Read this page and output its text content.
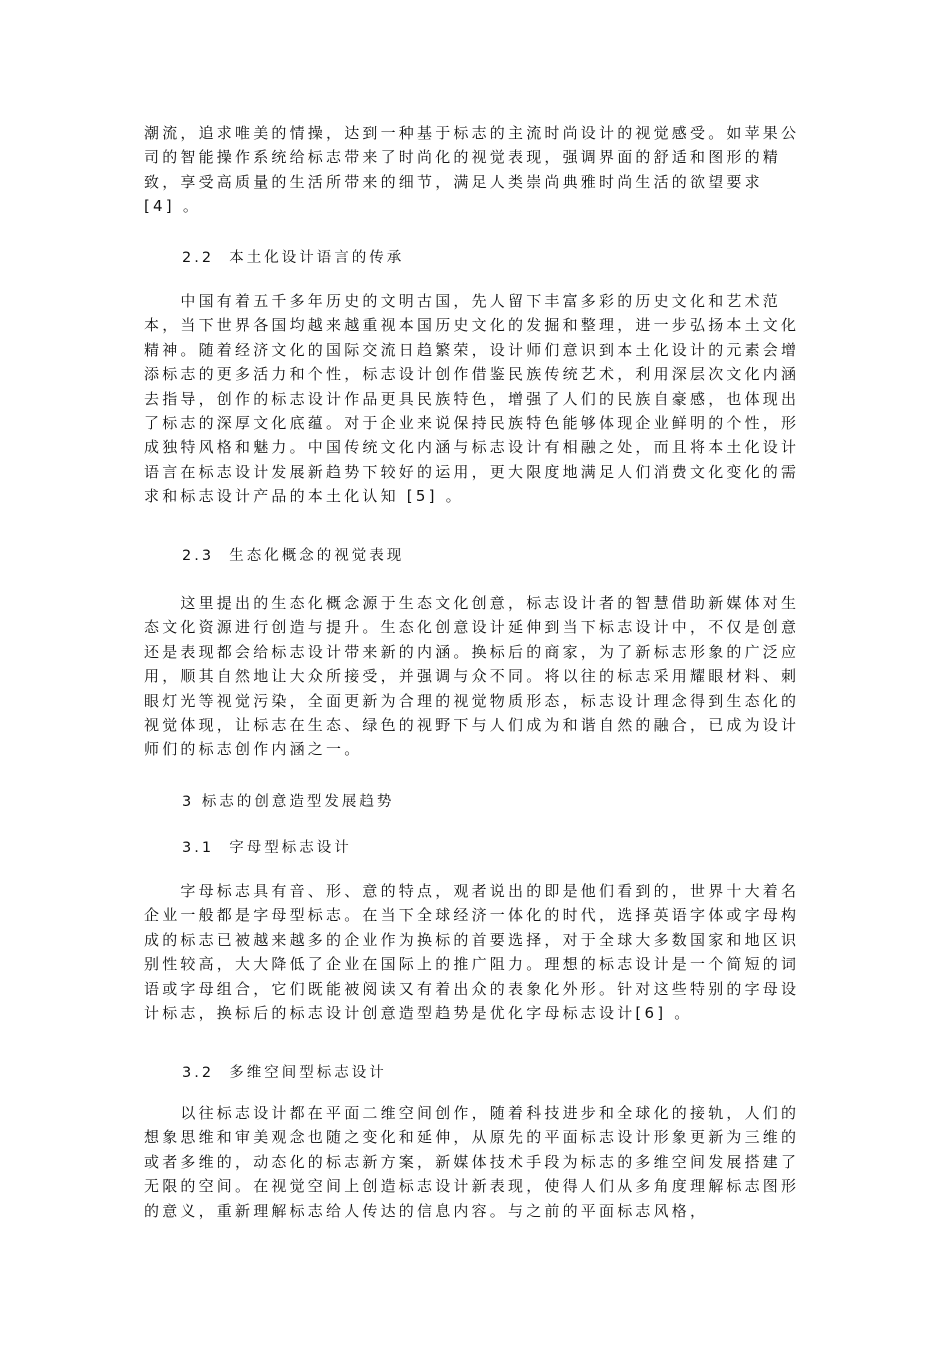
潮流，追求唯美的情操，达到一种基于标志的主流时尚设计的视觉感受。如苹果公司的智能操作系统给标志带来了时尚化的视觉表现，强调界面的舒适和图形的精致，享受高质量的生活所带来的细节，满足人类崇尚典雅时尚生活的欲望要求
[4] 。

2.2  本土化设计语言的传承

　　中国有着五千多年历史的文明古国，先人留下丰富多彩的历史文化和艺术范本，当下世界各国均越来越重视本国历史文化的发掘和整理，进一步弘扬本土文化精神。随着经济文化的国际交流日趋繁荣，设计师们意识到本土化设计的元素会增添标志的更多活力和个性，标志设计创作借鉴民族传统艺术，利用深层次文化内涵去指导，创作的标志设计作品更具民族特色，增强了人们的民族自豪感，也体现出了标志的深厚文化底蕴。对于企业来说保持民族特色能够体现企业鲜明的个性，形成独特风格和魅力。中国传统文化内涵与标志设计有相融之处，而且将本土化设计语言在标志设计发展新趋势下较好的运用，更大限度地满足人们消费文化变化的需求和标志设计产品的本土化认知 [5] 。

2.3  生态化概念的视觉表现

　　这里提出的生态化概念源于生态文化创意，标志设计者的智慧借助新媒体对生态文化资源进行创造与提升。生态化创意设计延伸到当下标志设计中，不仅是创意还是表现都会给标志设计带来新的内涵。换标后的商家，为了新标志形象的广泛应用，顺其自然地让大众所接受，并强调与众不同。将以往的标志采用耀眼材料、刺眼灯光等视觉污染，全面更新为合理的视觉物质形态，标志设计理念得到生态化的视觉体现，让标志在生态、绿色的视野下与人们成为和谐自然的融合，已成为设计师们的标志创作内涵之一。

3 标志的创意造型发展趋势

3.1  字母型标志设计

　　字母标志具有音、形、意的特点，观者说出的即是他们看到的，世界十大着名企业一般都是字母型标志。在当下全球经济一体化的时代，选择英语字体或字母构成的标志已被越来越多的企业作为换标的首要选择，对于全球大多数国家和地区识别性较高，大大降低了企业在国际上的推广阻力。理想的标志设计是一个简短的词语或字母组合，它们既能被阅读又有着出众的表象化外形。针对这些特别的字母设计标志，换标后的标志设计创意造型趋势是优化字母标志设计[6] 。

3.2  多维空间型标志设计

　　以往标志设计都在平面二维空间创作，随着科技进步和全球化的接轨，人们的想象思维和审美观念也随之变化和延伸，从原先的平面标志设计形象更新为三维的或者多维的，动态化的标志新方案，新媒体技术手段为标志的多维空间发展搭建了无限的空间。在视觉空间上创造标志设计新表现，使得人们从多角度理解标志图形的意义，重新理解标志给人传达的信息内容。与之前的平面标志风格，
